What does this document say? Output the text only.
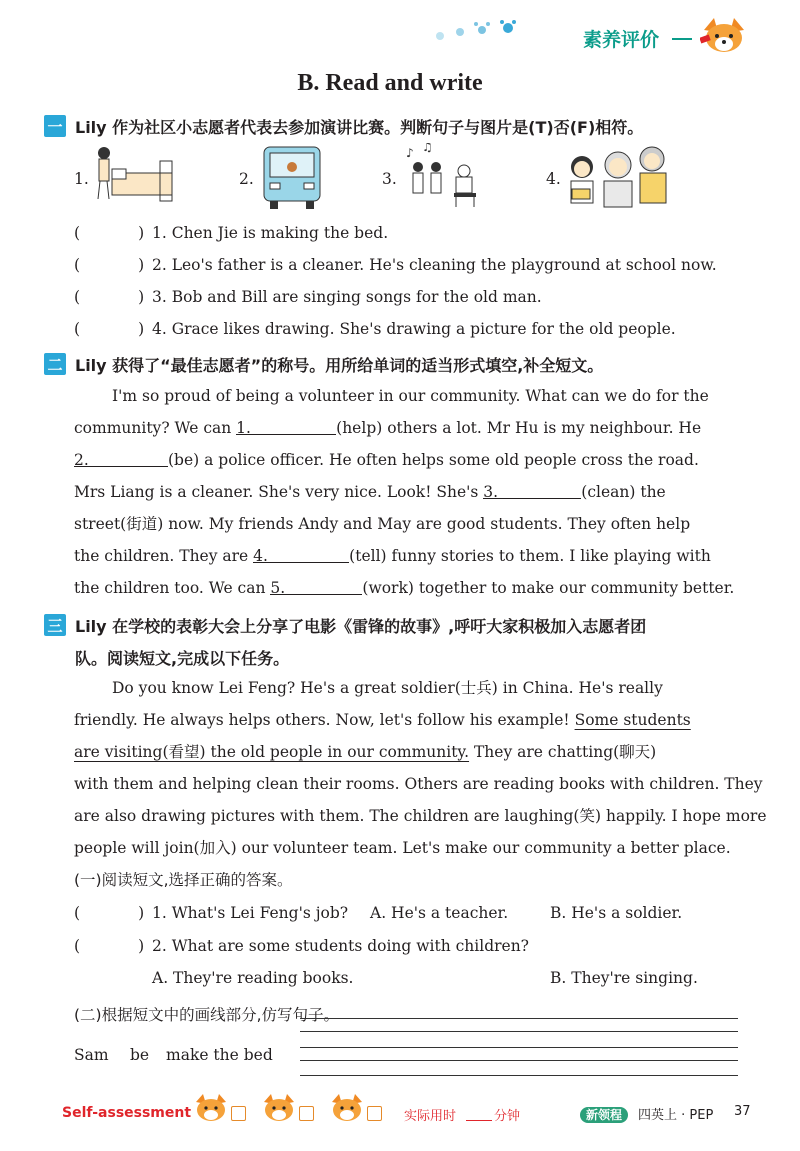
素养评价
B. Read and write
一 Lily 作为社区小志愿者代表去参加演讲比赛。判断句子与图片是(T)否(F)相符。
1.	2.	3.
♪ ♫
4.
(	) 1. Chen Jie is making the bed.
(	) 2. Leo's father is a cleaner. He's cleaning the playground at school now.
(	) 3. Bob and Bill are singing songs for the old man.
(	) 4. Grace likes drawing. She's drawing a picture for the old people.
二 Lily 获得了“最佳志愿者”的称号。用所给单词的适当形式填空,补全短文。
I'm so proud of being a volunteer in our community. What can we do for the
community? We can 1.	(help) others a lot. Mr Hu is my neighbour. He
2.	(be) a police officer. He often helps some old people cross the road.
Mrs Liang is a cleaner. She's very nice. Look! She's 3.	(clean) the
street(街道) now. My friends Andy and May are good students. They often help
the children. They are 4.	(tell) funny stories to them. I like playing with
the children too. We can 5.	(work) together to make our community better.
三 Lily 在学校的表彰大会上分享了电影《雷锋的故事》,呼吁大家积极加入志愿者团
队。阅读短文,完成以下任务。
Do you know Lei Feng? He's a great soldier(士兵) in China. He's really
friendly. He always helps others. Now, let's follow his example! Some students
are visiting(看望) the old people in our community. They are chatting(聊天)
with them and helping clean their rooms. Others are reading books with children. They
are also drawing pictures with them. The children are laughing(笑) happily. I hope more
people will join(加入) our volunteer team. Let's make our community a better place.
(一)阅读短文,选择正确的答案。
(	) 1. What's Lei Feng's job? A. He's a teacher.	B. He's a soldier.
(	) 2. What are some students doing with children?
A. They're reading books.	B. They're singing.
(二)根据短文中的画线部分,仿写句子。
Sam be make the bed
Self-assessment	实际用时	分钟	新领程	四英上 · PEP 37
